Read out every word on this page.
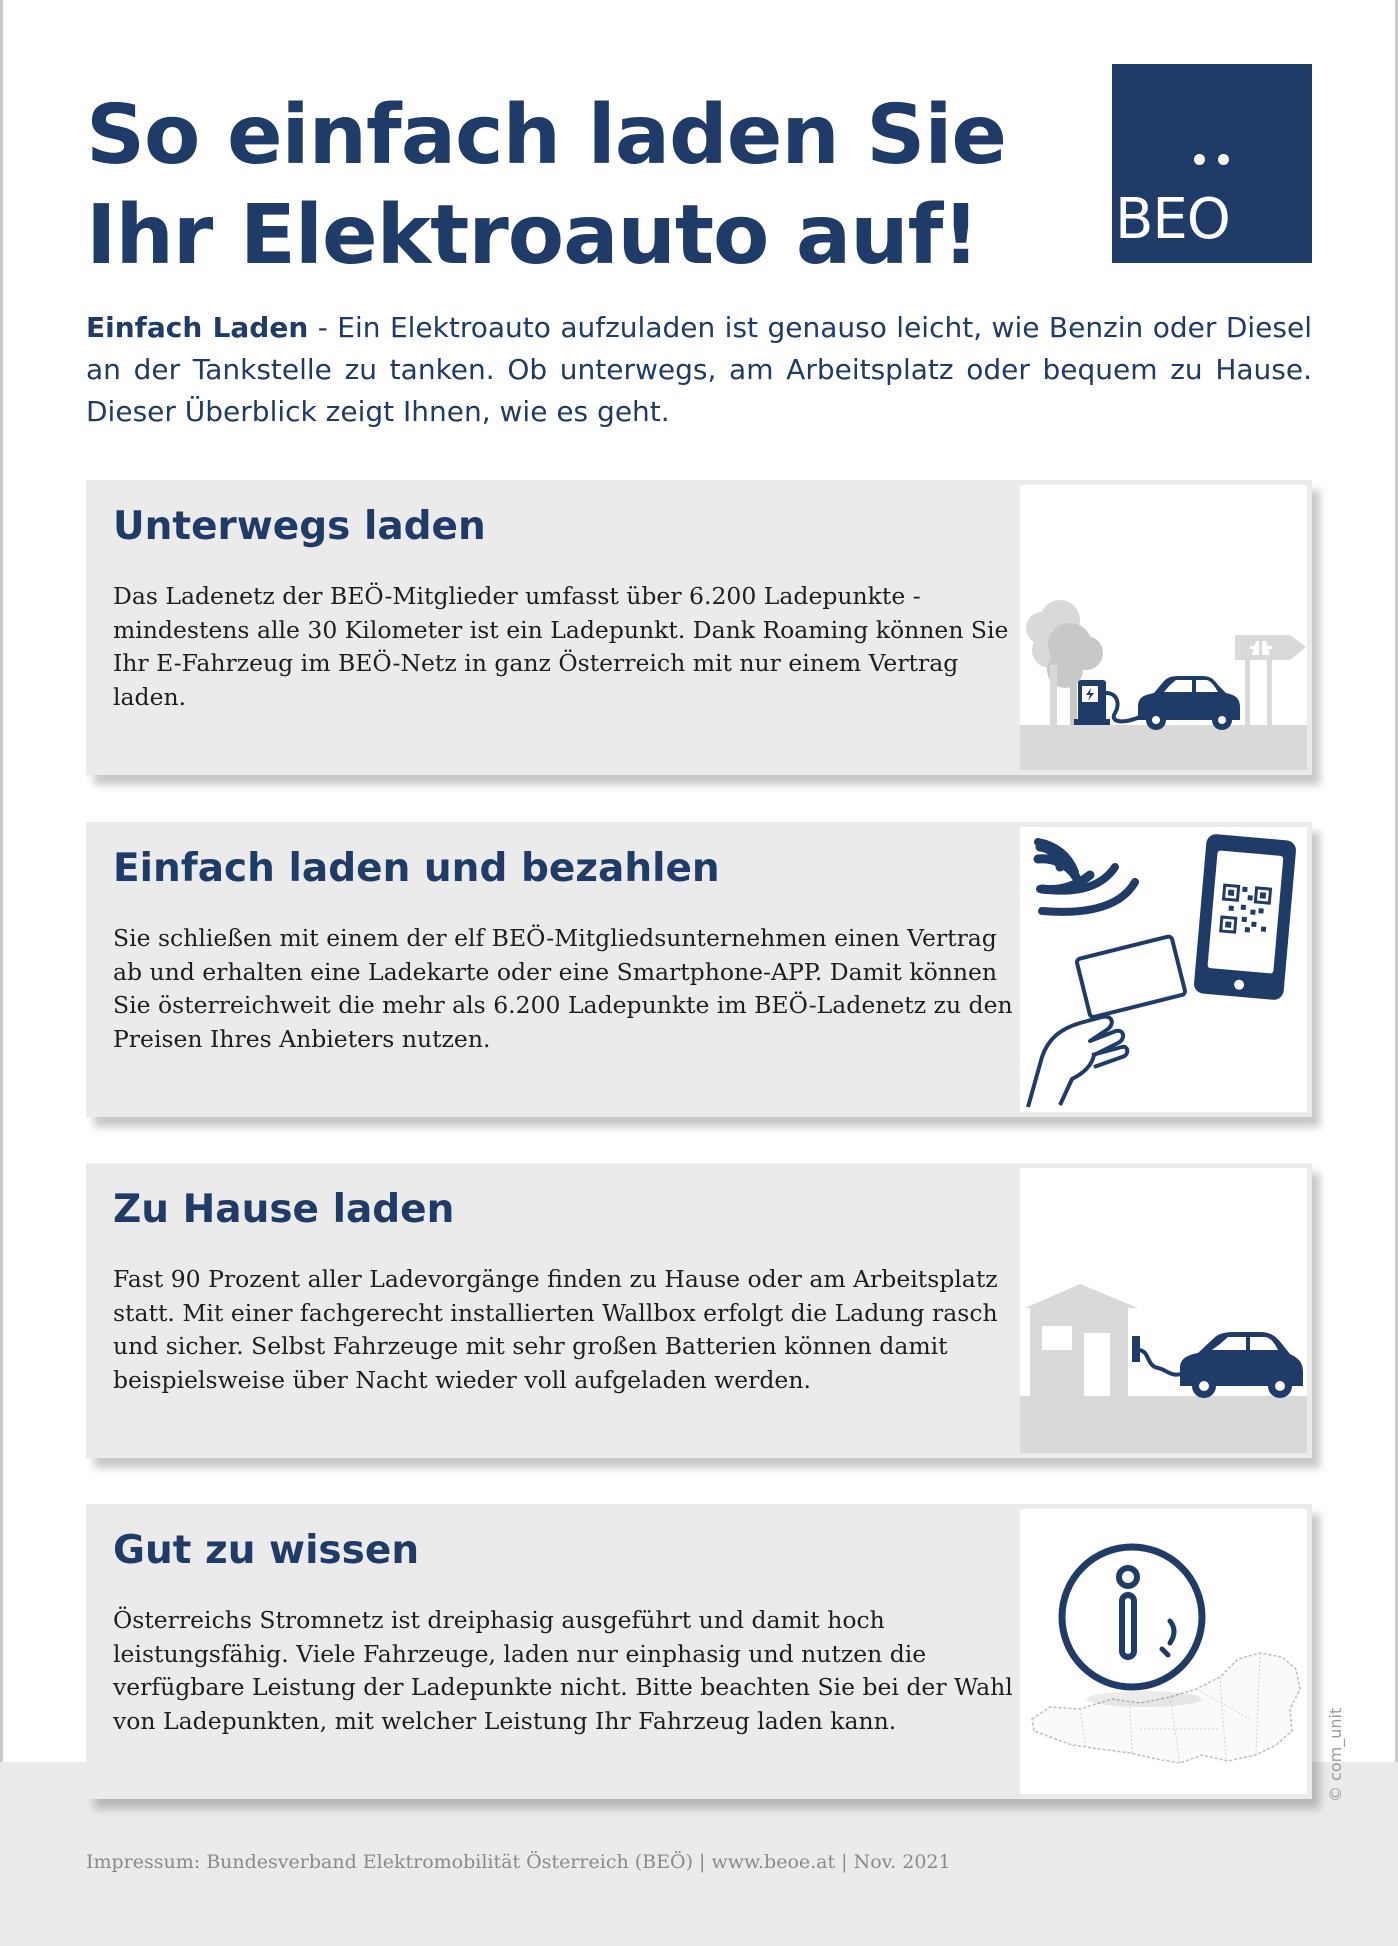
So einfach laden Sie
Ihr Elektroauto auf! BEO

Einfach Laden - Ein Elektroauto aufzuladen ist genauso leicht, wie Benzin oder Diesel an der Tankstelle zu tanken. Ob unterwegs, am Arbeitsplatz oder bequem zu Hause. Dieser Überblick zeigt Ihnen, wie es geht.

Unterwegs laden

Das Ladenetz der BEÖ-Mitglieder umfasst über 6.200 Ladepunkte - mindestens alle 30 Kilometer ist ein Ladepunkt. Dank Roaming können Sie Ihr E-Fahrzeug im BEÖ-Netz in ganz Österreich mit nur einem Vertrag laden.

Einfach laden und bezahlen

Sie schließen mit einem der elf BEÖ-Mitgliedsunternehmen einen Vertrag ab und erhalten eine Ladekarte oder eine Smartphone-APP. Damit können Sie österreichweit die mehr als 6.200 Ladepunkte im BEÖ-Ladenetz zu den Preisen Ihres Anbieters nutzen.

Zu Hause laden

Fast 90 Prozent aller Ladevorgänge finden zu Hause oder am Arbeitsplatz statt. Mit einer fachgerecht installierten Wallbox erfolgt die Ladung rasch und sicher. Selbst Fahrzeuge mit sehr großen Batterien können damit beispielsweise über Nacht wieder voll aufgeladen werden.

Gut zu wissen

Österreichs Stromnetz ist dreiphasig ausgeführt und damit hoch leistungsfähig. Viele Fahrzeuge, laden nur einphasig und nutzen die verfügbare Leistung der Ladepunkte nicht. Bitte beachten Sie bei der Wahl von Ladepunkten, mit welcher Leistung Ihr Fahrzeug laden kann.	© com_unit

Impressum: Bundesverband Elektromobilität Österreich (BEÖ) | www.beoe.at | Nov. 2021
